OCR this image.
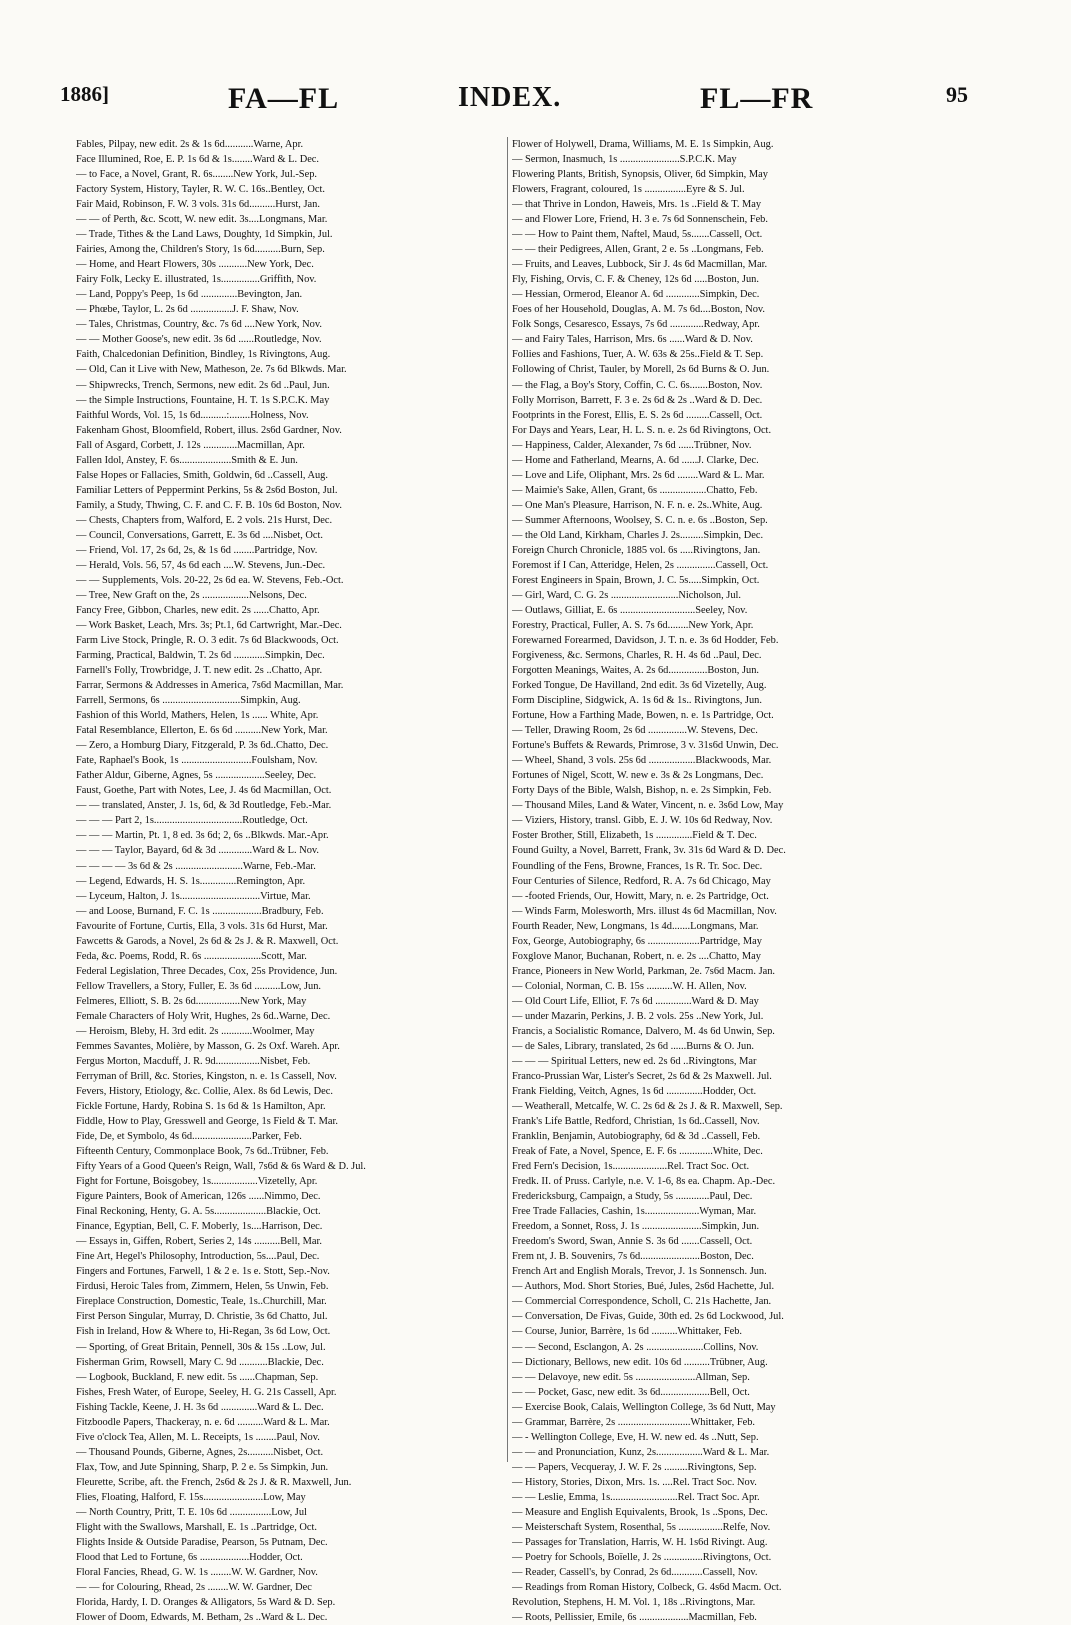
1886]	FA—FL	INDEX.	FL—FR	95
Fables, Pilpay, new edit. 2s & 1s 6d...........Warne, Apr.
Face Illumined, Roe, E. P. 1s 6d & 1s........Ward & L. Dec.
— to Face, a Novel, Grant, R. 6s........New York, Jul.-Sep.
Factory System, History, Tayler, R. W. C. 16s..Bentley, Oct.
Fair Maid, Robinson, F. W. 3 vols. 31s 6d..........Hurst, Jan.
— — of Perth, &c. Scott, W. new edit. 3s....Longmans, Mar.
— Trade, Tithes & the Land Laws, Doughty, 1d Simpkin, Jul.
Fairies, Among the, Children's Story, 1s 6d..........Burn, Sep.
— Home, and Heart Flowers, 30s ...........New York, Dec.
Fairy Folk, Lecky E. illustrated, 1s...............Griffith, Nov.
— Land, Poppy's Peep, 1s 6d ..............Bevington, Jan.
— Phœbe, Taylor, L. 2s 6d ................J. F. Shaw, Nov.
— Tales, Christmas, Country, &c. 7s 6d ....New York, Nov.
— — Mother Goose's, new edit. 3s 6d ......Routledge, Nov.
Faith, Chalcedonian Definition, Bindley, 1s Rivingtons, Aug.
— Old, Can it Live with New, Matheson, 2e. 7s 6d Blkwds. Mar.
— Shipwrecks, Trench, Sermons, new edit. 2s 6d ..Paul, Jun.
— the Simple Instructions, Fountaine, H. T. 1s S.P.C.K. May
Faithful Words, Vol. 15, 1s 6d..........:........Holness, Nov.
Fakenham Ghost, Bloomfield, Robert, illus. 2s6d Gardner, Nov.
Fall of Asgard, Corbett, J. 12s .............Macmillan, Apr.
Fallen Idol, Anstey, F. 6s....................Smith & E. Jun.
False Hopes or Fallacies, Smith, Goldwin, 6d ..Cassell, Aug.
Familiar Letters of Peppermint Perkins, 5s & 2s6d Boston, Jul.
Family, a Study, Thwing, C. F. and C. F. B. 10s 6d Boston, Nov.
— Chests, Chapters from, Walford, E. 2 vols. 21s Hurst, Dec.
— Council, Conversations, Garrett, E. 3s 6d ....Nisbet, Oct.
— Friend, Vol. 17, 2s 6d, 2s, & 1s 6d ........Partridge, Nov.
— Herald, Vols. 56, 57, 4s 6d each ....W. Stevens, Jun.-Dec.
— — Supplements, Vols. 20-22, 2s 6d ea. W. Stevens, Feb.-Oct.
— Tree, New Graft on the, 2s ..................Nelsons, Dec.
Fancy Free, Gibbon, Charles, new edit. 2s ......Chatto, Apr.
— Work Basket, Leach, Mrs. 3s; Pt.1, 6d Cartwright, Mar.-Dec.
Farm Live Stock, Pringle, R. O. 3 edit. 7s 6d Blackwoods, Oct.
Farming, Practical, Baldwin, T. 2s 6d ............Simpkin, Dec.
Farnell's Folly, Trowbridge, J. T. new edit. 2s ..Chatto, Apr.
Farrar, Sermons & Addresses in America, 7s6d Macmillan, Mar.
Farrell, Sermons, 6s ..............................Simpkin, Aug.
Fashion of this World, Mathers, Helen, 1s ...... White, Apr.
Fatal Resemblance, Ellerton, E. 6s 6d ..........New York, Mar.
— Zero, a Homburg Diary, Fitzgerald, P. 3s 6d..Chatto, Dec.
Fate, Raphael's Book, 1s ...........................Foulsham, Nov.
Father Aldur, Giberne, Agnes, 5s ...................Seeley, Dec.
Faust, Goethe, Part with Notes, Lee, J. 4s 6d Macmillan, Oct.
— — translated, Anster, J. 1s, 6d, & 3d Routledge, Feb.-Mar.
— — — Part 2, 1s..................................Routledge, Oct.
— — — Martin, Pt. 1, 8 ed. 3s 6d; 2, 6s ..Blkwds. Mar.-Apr.
— — — Taylor, Bayard, 6d & 3d .............Ward & L. Nov.
— — — — 3s 6d & 2s ..........................Warne, Feb.-Mar.
— Legend, Edwards, H. S. 1s..............Remington, Apr.
— Lyceum, Halton, J. 1s...............................Virtue, Mar.
— and Loose, Burnand, F. C. 1s ...................Bradbury, Feb.
Favourite of Fortune, Curtis, Ella, 3 vols. 31s 6d Hurst, Mar.
Fawcetts & Garods, a Novel, 2s 6d & 2s J. & R. Maxwell, Oct.
Feda, &c. Poems, Rodd, R. 6s ......................Scott, Mar.
Federal Legislation, Three Decades, Cox, 25s Providence, Jun.
Fellow Travellers, a Story, Fuller, E. 3s 6d ..........Low, Jun.
Felmeres, Elliott, S. B. 2s 6d.................New York, May
Female Characters of Holy Writ, Hughes, 2s 6d..Warne, Dec.
— Heroism, Bleby, H. 3rd edit. 2s ............Woolmer, May
Femmes Savantes, Molière, by Masson, G. 2s Oxf. Wareh. Apr.
Fergus Morton, Macduff, J. R. 9d.................Nisbet, Feb.
Ferryman of Brill, &c. Stories, Kingston, n. e. 1s Cassell, Nov.
Fevers, History, Etiology, &c. Collie, Alex. 8s 6d Lewis, Dec.
Fickle Fortune, Hardy, Robina S. 1s 6d & 1s Hamilton, Apr.
Fiddle, How to Play, Gresswell and George, 1s Field & T. Mar.
Fide, De, et Symbolo, 4s 6d.......................Parker, Feb.
Fifteenth Century, Commonplace Book, 7s 6d..Trübner, Feb.
Fifty Years of a Good Queen's Reign, Wall, 7s6d & 6s Ward & D. Jul.
Fight for Fortune, Boisgobey, 1s..................Vizetelly, Apr.
Figure Painters, Book of American, 126s ......Nimmo, Dec.
Final Reckoning, Henty, G. A. 5s....................Blackie, Oct.
Finance, Egyptian, Bell, C. F. Moberly, 1s....Harrison, Dec.
— Essays in, Giffen, Robert, Series 2, 14s ..........Bell, Mar.
Fine Art, Hegel's Philosophy, Introduction, 5s....Paul, Dec.
Fingers and Fortunes, Farwell, 1 & 2 e. 1s e. Stott, Sep.-Nov.
Firdusi, Heroic Tales from, Zimmern, Helen, 5s Unwin, Feb.
Fireplace Construction, Domestic, Teale, 1s..Churchill, Mar.
First Person Singular, Murray, D. Christie, 3s 6d Chatto, Jul.
Fish in Ireland, How & Where to, Hi-Regan, 3s 6d Low, Oct.
— Sporting, of Great Britain, Pennell, 30s & 15s ..Low, Jul.
Fisherman Grim, Rowsell, Mary C. 9d ...........Blackie, Dec.
— Logbook, Buckland, F. new edit. 5s ......Chapman, Sep.
Fishes, Fresh Water, of Europe, Seeley, H. G. 21s Cassell, Apr.
Fishing Tackle, Keene, J. H. 3s 6d ..............Ward & L. Dec.
Fitzboodle Papers, Thackeray, n. e. 6d ..........Ward & L. Mar.
Five o'clock Tea, Allen, M. L. Receipts, 1s ........Paul, Nov.
— Thousand Pounds, Giberne, Agnes, 2s..........Nisbet, Oct.
Flax, Tow, and Jute Spinning, Sharp, P. 2 e. 5s Simpkin, Jun.
Fleurette, Scribe, aft. the French, 2s6d & 2s J. & R. Maxwell, Jun.
Flies, Floating, Halford, F. 15s.......................Low, May
— North Country, Pritt, T. E. 10s 6d ................Low, Jul
Flight with the Swallows, Marshall, E. 1s ..Partridge, Oct.
Flights Inside & Outside Paradise, Pearson, 5s Putnam, Dec.
Flood that Led to Fortune, 6s ...................Hodder, Oct.
Floral Fancies, Rhead, G. W. 1s ........W. W. Gardner, Nov.
— — for Colouring, Rhead, 2s ........W. W. Gardner, Dec
Florida, Hardy, I. D. Oranges & Alligators, 5s Ward & D. Sep.
Flower of Doom, Edwards, M. Betham, 2s ..Ward & L. Dec.
Flower of Holywell, Drama, Williams, M. E. 1s Simpkin, Aug.
— Sermon, Inasmuch, 1s .......................S.P.C.K. May
Flowering Plants, British, Synopsis, Oliver, 6d Simpkin, May
Flowers, Fragrant, coloured, 1s ................Eyre & S. Jul.
— that Thrive in London, Haweis, Mrs. 1s ..Field & T. May
— and Flower Lore, Friend, H. 3 e. 7s 6d Sonnenschein, Feb.
— — How to Paint them, Naftel, Maud, 5s.......Cassell, Oct.
— — their Pedigrees, Allen, Grant, 2 e. 5s ..Longmans, Feb.
— Fruits, and Leaves, Lubbock, Sir J. 4s 6d Macmillan, Mar.
Fly, Fishing, Orvis, C. F. & Cheney, 12s 6d .....Boston, Jun.
— Hessian, Ormerod, Eleanor A. 6d .............Simpkin, Dec.
Foes of her Household, Douglas, A. M. 7s 6d....Boston, Nov.
Folk Songs, Cesaresco, Essays, 7s 6d .............Redway, Apr.
— and Fairy Tales, Harrison, Mrs. 6s ......Ward & D. Nov.
Follies and Fashions, Tuer, A. W. 63s & 25s..Field & T. Sep.
Following of Christ, Tauler, by Morell, 2s 6d Burns & O. Jun.
— the Flag, a Boy's Story, Coffin, C. C. 6s.......Boston, Nov.
Folly Morrison, Barrett, F. 3 e. 2s 6d & 2s ..Ward & D. Dec.
Footprints in the Forest, Ellis, E. S. 2s 6d .........Cassell, Oct.
For Days and Years, Lear, H. L. S. n. e. 2s 6d Rivingtons, Oct.
— Happiness, Calder, Alexander, 7s 6d ......Trübner, Nov.
— Home and Fatherland, Mearns, A. 6d ......J. Clarke, Dec.
— Love and Life, Oliphant, Mrs. 2s 6d ........Ward & L. Mar.
— Maimie's Sake, Allen, Grant, 6s ..................Chatto, Feb.
— One Man's Pleasure, Harrison, N. F. n. e. 2s..White, Aug.
— Summer Afternoons, Woolsey, S. C. n. e. 6s ..Boston, Sep.
— the Old Land, Kirkham, Charles J. 2s.........Simpkin, Dec.
Foreign Church Chronicle, 1885 vol. 6s .....Rivingtons, Jan.
Foremost if I Can, Atteridge, Helen, 2s ...............Cassell, Oct.
Forest Engineers in Spain, Brown, J. C. 5s.....Simpkin, Oct.
— Girl, Ward, C. G. 2s ..........................Nicholson, Jul.
— Outlaws, Gilliat, E. 6s .............................Seeley, Nov.
Forestry, Practical, Fuller, A. S. 7s 6d........New York, Apr.
Forewarned Forearmed, Davidson, J. T. n. e. 3s 6d Hodder, Feb.
Forgiveness, &c. Sermons, Charles, R. H. 4s 6d ..Paul, Dec.
Forgotten Meanings, Waites, A. 2s 6d...............Boston, Jun.
Forked Tongue, De Havilland, 2nd edit. 3s 6d Vizetelly, Aug.
Form Discipline, Sidgwick, A. 1s 6d & 1s.. Rivingtons, Jun.
Fortune, How a Farthing Made, Bowen, n. e. 1s Partridge, Oct.
— Teller, Drawing Room, 2s 6d ...............W. Stevens, Dec.
Fortune's Buffets & Rewards, Primrose, 3 v. 31s6d Unwin, Dec.
— Wheel, Shand, 3 vols. 25s 6d ..................Blackwoods, Mar.
Fortunes of Nigel, Scott, W. new e. 3s & 2s Longmans, Dec.
Forty Days of the Bible, Walsh, Bishop, n. e. 2s Simpkin, Feb.
— Thousand Miles, Land & Water, Vincent, n. e. 3s6d Low, May
— Viziers, History, transl. Gibb, E. J. W. 10s 6d Redway, Nov.
Foster Brother, Still, Elizabeth, 1s ..............Field & T. Dec.
Found Guilty, a Novel, Barrett, Frank, 3v. 31s 6d Ward & D. Dec.
Foundling of the Fens, Browne, Frances, 1s R. Tr. Soc. Dec.
Four Centuries of Silence, Redford, R. A. 7s 6d Chicago, May
— -footed Friends, Our, Howitt, Mary, n. e. 2s Partridge, Oct.
— Winds Farm, Molesworth, Mrs. illust 4s 6d Macmillan, Nov.
Fourth Reader, New, Longmans, 1s 4d.......Longmans, Mar.
Fox, George, Autobiography, 6s ....................Partridge, May
Foxglove Manor, Buchanan, Robert, n. e. 2s ....Chatto, May
France, Pioneers in New World, Parkman, 2e. 7s6d Macm. Jan.
— Colonial, Norman, C. B. 15s ..........W. H. Allen, Nov.
— Old Court Life, Elliot, F. 7s 6d ..............Ward & D. May
— under Mazarin, Perkins, J. B. 2 vols. 25s ..New York, Jul.
Francis, a Socialistic Romance, Dalvero, M. 4s 6d Unwin, Sep.
— de Sales, Library, translated, 2s 6d ......Burns & O. Jun.
— — — Spiritual Letters, new ed. 2s 6d ..Rivingtons, Mar
Franco-Prussian War, Lister's Secret, 2s 6d & 2s Maxwell. Jul.
Frank Fielding, Veitch, Agnes, 1s 6d ..............Hodder, Oct.
— Weatherall, Metcalfe, W. C. 2s 6d & 2s J. & R. Maxwell, Sep.
Frank's Life Battle, Redford, Christian, 1s 6d..Cassell, Nov.
Franklin, Benjamin, Autobiography, 6d & 3d ..Cassell, Feb.
Freak of Fate, a Novel, Spence, E. F. 6s .............White, Dec.
Fred Fern's Decision, 1s.....................Rel. Tract Soc. Oct.
Fredk. II. of Pruss. Carlyle, n.e. V. 1-6, 8s ea. Chapm. Ap.-Dec.
Fredericksburg, Campaign, a Study, 5s .............Paul, Dec.
Free Trade Fallacies, Cashin, 1s.....................Wyman, Mar.
Freedom, a Sonnet, Ross, J. 1s .......................Simpkin, Jun.
Freedom's Sword, Swan, Annie S. 3s 6d .......Cassell, Oct.
Frem nt, J. B. Souvenirs, 7s 6d.......................Boston, Dec.
French Art and English Morals, Trevor, J. 1s Sonnensch. Jun.
— Authors, Mod. Short Stories, Bué, Jules, 2s6d Hachette, Jul.
— Commercial Correspondence, Scholl, C. 21s Hachette, Jan.
— Conversation, De Fivas, Guide, 30th ed. 2s 6d Lockwood, Jul.
— Course, Junior, Barrère, 1s 6d ..........Whittaker, Feb.
— — Second, Esclangon, A. 2s ......................Collins, Nov.
— Dictionary, Bellows, new edit. 10s 6d ..........Trübner, Aug.
— — Delavoye, new edit. 5s .......................Allman, Sep.
— — Pocket, Gasc, new edit. 3s 6d...................Bell, Oct.
— Exercise Book, Calais, Wellington College, 3s 6d Nutt, May
— Grammar, Barrère, 2s ............................Whittaker, Feb.
— - Wellington College, Eve, H. W. new ed. 4s ..Nutt, Sep.
— — and Pronunciation, Kunz, 2s..................Ward & L. Mar.
— — Papers, Vecqueray, J. W. F. 2s .........Rivingtons, Sep.
— History, Stories, Dixon, Mrs. 1s. ....Rel. Tract Soc. Nov.
— — Leslie, Emma, 1s..........................Rel. Tract Soc. Apr.
— Measure and English Equivalents, Brook, 1s ..Spons, Dec.
— Meisterschaft System, Rosenthal, 5s .................Relfe, Nov.
— Passages for Translation, Harris, W. H. 1s6d Rivingt. Aug.
— Poetry for Schools, Boïelle, J. 2s ...............Rivingtons, Oct.
— Reader, Cassell's, by Conrad, 2s 6d............Cassell, Nov.
— Readings from Roman History, Colbeck, G. 4s6d Macm. Oct.
Revolution, Stephens, H. M. Vol. 1, 18s ..Rivingtons, Mar.
— Roots, Pellissier, Emile, 6s ...................Macmillan, Feb.
